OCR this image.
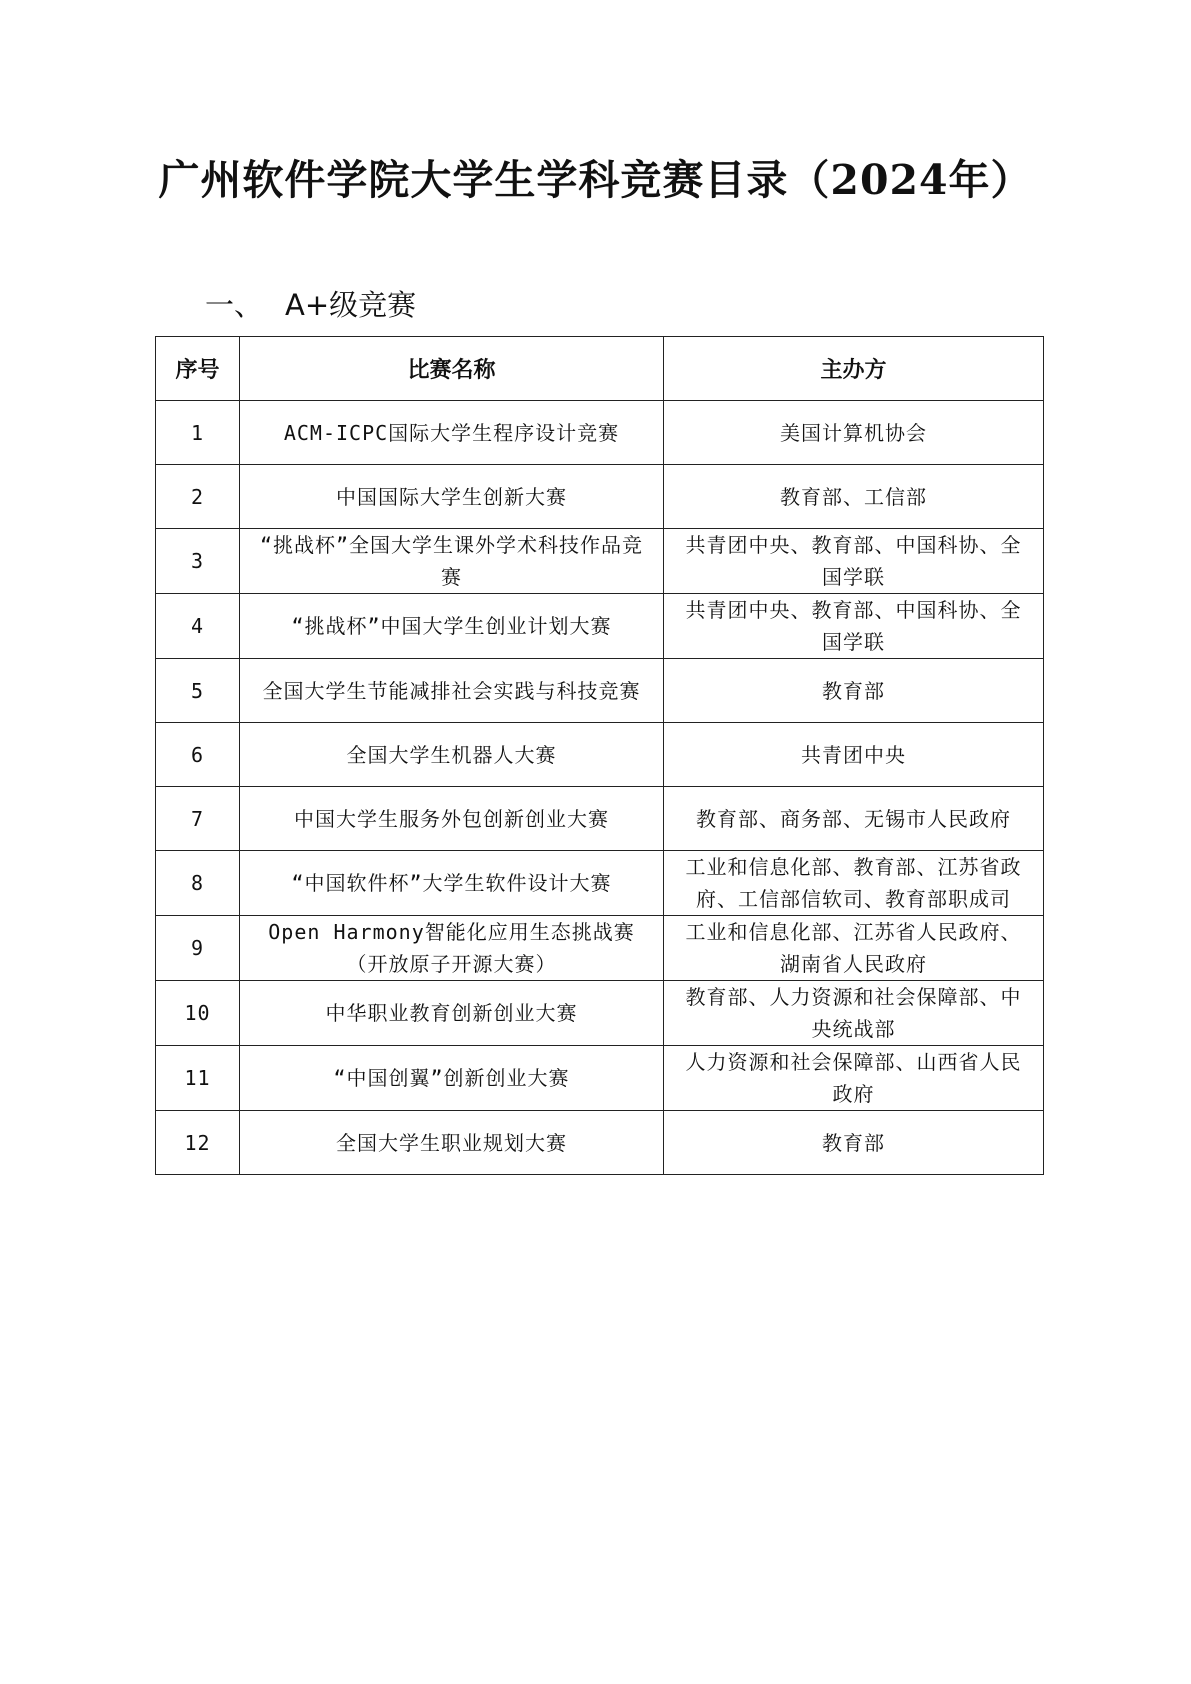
广州软件学院大学生学科竞赛目录（2024年）
一、 A+级竞赛
序号	比赛名称	主办方
1	ACM-ICPC国际大学生程序设计竞赛	美国计算机协会
2	中国国际大学生创新大赛	教育部、工信部
3	“挑战杯”全国大学生课外学术科技作品竞赛	共青团中央、教育部、中国科协、全国学联
4	“挑战杯”中国大学生创业计划大赛	共青团中央、教育部、中国科协、全国学联
5	全国大学生节能减排社会实践与科技竞赛	教育部
6	全国大学生机器人大赛	共青团中央
7	中国大学生服务外包创新创业大赛	教育部、商务部、无锡市人民政府
8	“中国软件杯”大学生软件设计大赛	工业和信息化部、教育部、江苏省政府、工信部信软司、教育部职成司
9	Open Harmony智能化应用生态挑战赛（开放原子开源大赛）	工业和信息化部、江苏省人民政府、湖南省人民政府
10	中华职业教育创新创业大赛	教育部、人力资源和社会保障部、中央统战部
11	“中国创翼”创新创业大赛	人力资源和社会保障部、山西省人民政府
12	全国大学生职业规划大赛	教育部
